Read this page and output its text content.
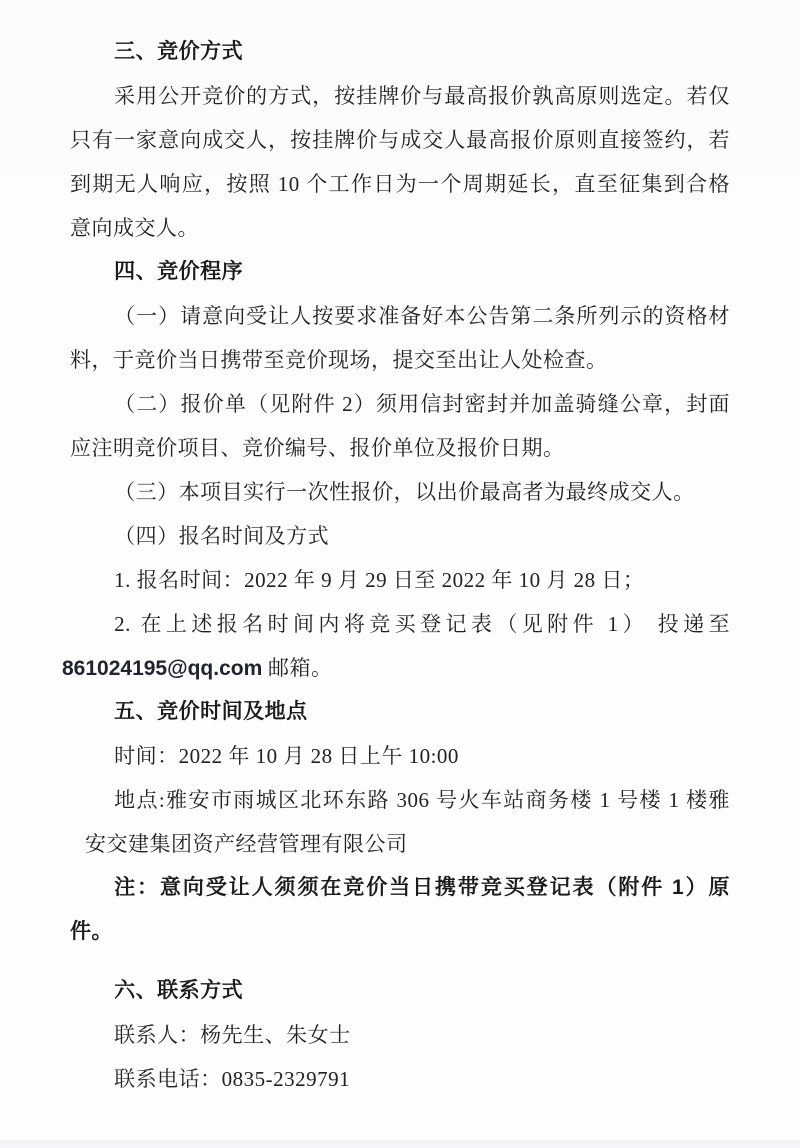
三、竞价方式
采用公开竞价的方式，按挂牌价与最高报价孰高原则选定。若仅
只有一家意向成交人，按挂牌价与成交人最高报价原则直接签约，若
到期无人响应，按照 10 个工作日为一个周期延长，直至征集到合格
意向成交人。
四、竞价程序
（一）请意向受让人按要求准备好本公告第二条所列示的资格材
料，于竞价当日携带至竞价现场，提交至出让人处检查。
（二）报价单（见附件 2）须用信封密封并加盖骑缝公章，封面
应注明竞价项目、竞价编号、报价单位及报价日期。
（三）本项目实行一次性报价，以出价最高者为最终成交人。
（四）报名时间及方式
1. 报名时间：2022 年 9 月 29 日至 2022 年 10 月 28 日；
2. 在上述报名时间内将竞买登记表（见附件 1） 投递至
861024195@qq.com 邮箱。
五、竞价时间及地点
时间：2022 年 10 月 28 日上午 10:00
地点:雅安市雨城区北环东路 306 号火车站商务楼 1 号楼 1 楼雅
安交建集团资产经营管理有限公司
注：意向受让人须须在竞价当日携带竞买登记表（附件 1）原
件。
六、联系方式
联系人：杨先生、朱女士
联系电话：0835-2329791
